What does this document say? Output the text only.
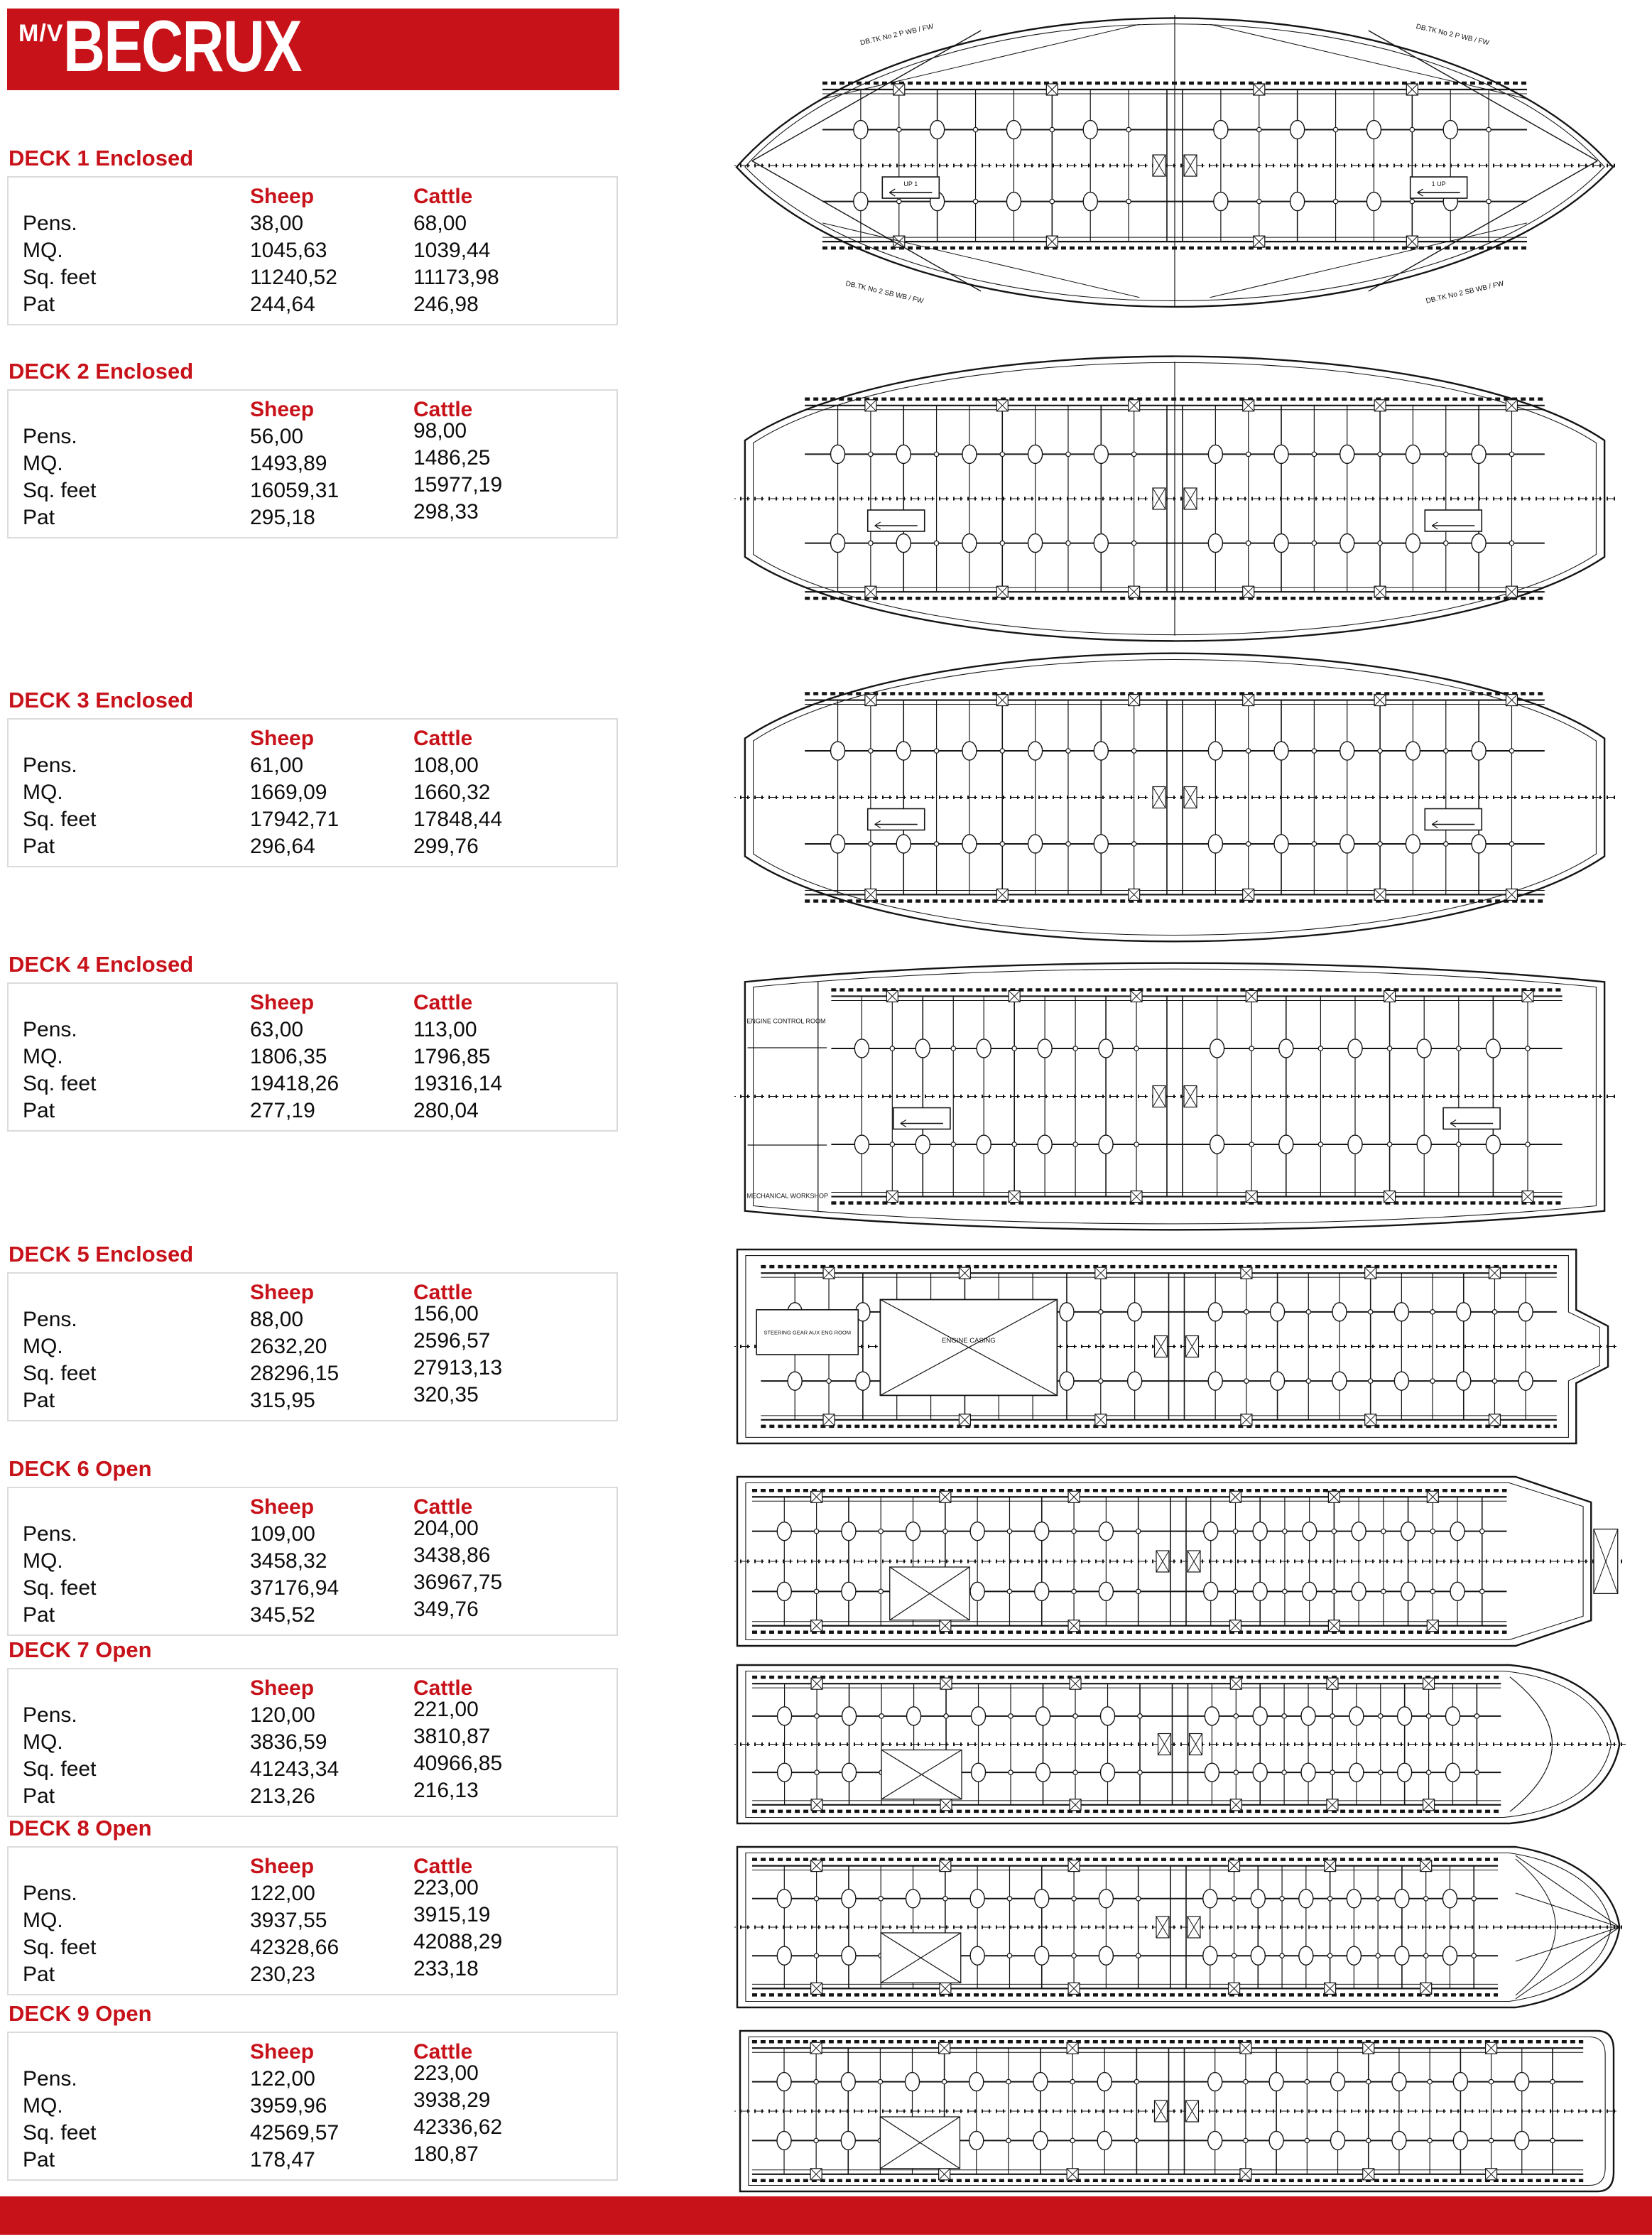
M/V BECRUX
DECK 1 Enclosed
	Sheep	Cattle
Pens.	38,00	68,00
MQ.	1045,63	1039,44
Sq. feet	11240,52	11173,98
Pat	244,64	246,98
DB.TK No 2 P WB / FW	DB.TK No 2 P WB / FW
DB.TK No 2 SB WB / FW	DB.TK No 2 SB WB / FW
UP 1	1 UP
DECK 2 Enclosed
	Sheep	Cattle
Pens.	56,00	98,00
MQ.	1493,89	1486,25
Sq. feet	16059,31	15977,19
Pat	295,18	298,33
DECK 3 Enclosed
	Sheep	Cattle
Pens.	61,00	108,00
MQ.	1669,09	1660,32
Sq. feet	17942,71	17848,44
Pat	296,64	299,76
DECK 4 Enclosed
	Sheep	Cattle
Pens.	63,00	113,00
MQ.	1806,35	1796,85
Sq. feet	19418,26	19316,14
Pat	277,19	280,04
ENGINE CONTROL ROOM
MECHANICAL WORKSHOP
DECK 5 Enclosed
	Sheep	Cattle
Pens.	88,00	156,00
MQ.	2632,20	2596,57
Sq. feet	28296,15	27913,13
Pat	315,95	320,35
STEERING GEAR AUX ENG ROOM
ENGINE CASING
DECK 6 Open
	Sheep	Cattle
Pens.	109,00	204,00
MQ.	3458,32	3438,86
Sq. feet	37176,94	36967,75
Pat	345,52	349,76
DECK 7 Open
	Sheep	Cattle
Pens.	120,00	221,00
MQ.	3836,59	3810,87
Sq. feet	41243,34	40966,85
Pat	213,26	216,13
DECK 8 Open
	Sheep	Cattle
Pens.	122,00	223,00
MQ.	3937,55	3915,19
Sq. feet	42328,66	42088,29
Pat	230,23	233,18
DECK 9 Open
	Sheep	Cattle
Pens.	122,00	223,00
MQ.	3959,96	3938,29
Sq. feet	42569,57	42336,62
Pat	178,47	180,87
